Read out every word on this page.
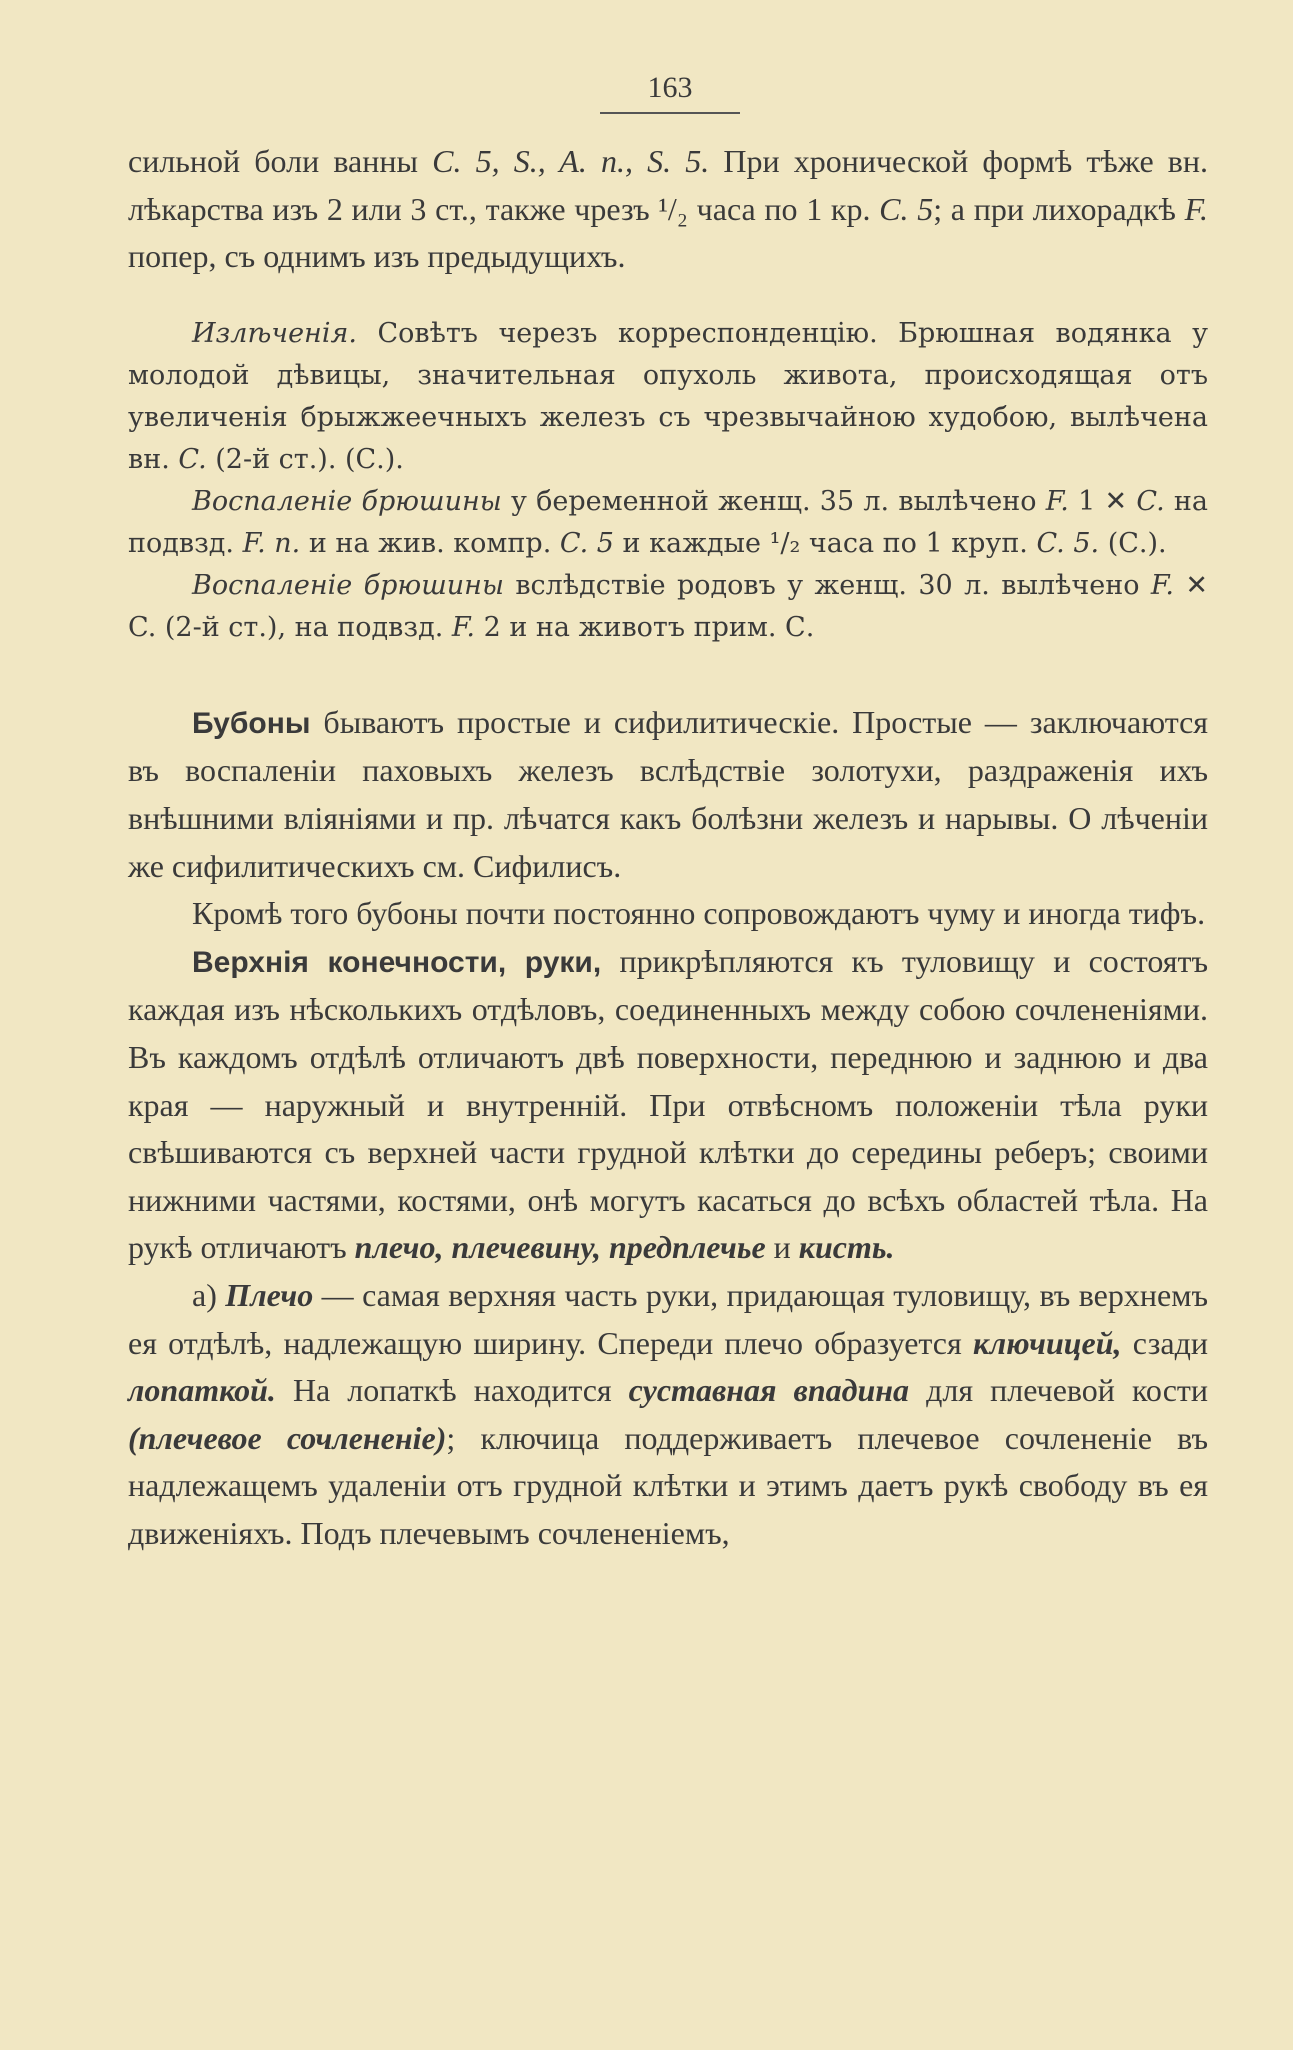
163

сильной боли ванны C. 5, S., A. n., S. 5. При хронической формѣ тѣже вн. лѣкарства изъ 2 или 3 ст., также чрезъ ¹/₂ часа по 1 кр. C. 5; а при лихорадкѣ F. попер, съ однимъ изъ предыдущихъ.

Излѣченія. Совѣтъ черезъ корреспонденцію. Брюшная водянка у молодой дѣвицы, значительная опухоль живота, происходящая отъ увеличенія брыжжеечныхъ железъ съ чрезвычайною худобою, вылѣчена вн. C. (2-й ст.). (С.).

Воспаленіе брюшины у беременной женщ. 35 л. вылѣчено F. 1 ✕ C. на подвзд. F. n. и на жив. компр. C. 5 и каждые ¹/₂ часа по 1 круп. C. 5. (С.).

Воспаленіе брюшины вслѣдствіе родовъ у женщ. 30 л. вылѣчено F. ✕ C. (2-й ст.), на подвзд. F. 2 и на животъ прим. С.

Бубоны бываютъ простые и сифилитическіе. Простые — заключаются въ воспаленіи паховыхъ железъ вслѣдствіе золотухи, раздраженія ихъ внѣшними вліяніями и пр. лѣчатся какъ болѣзни железъ и нарывы. О лѣченіи же сифилитическихъ см. Сифилисъ.

Кромѣ того бубоны почти постоянно сопровождаютъ чуму и иногда тифъ.

Верхнія конечности, руки, прикрѣпляются къ туловищу и состоятъ каждая изъ нѣсколькихъ отдѣловъ, соединенныхъ между собою сочлененіями. Въ каждомъ отдѣлѣ отличаютъ двѣ поверхности, переднюю и заднюю и два края — наружный и внутренній. При отвѣсномъ положеніи тѣла руки свѣшиваются съ верхней части грудной клѣтки до середины реберъ; своими нижними частями, костями, онѣ могутъ касаться до всѣхъ областей тѣла. На рукѣ отличаютъ плечо, плечевину, предплечье и кисть.

а) Плечо — самая верхняя часть руки, придающая туловищу, въ верхнемъ ея отдѣлѣ, надлежащую ширину. Спереди плечо образуется ключицей, сзади лопаткой. На лопаткѣ находится суставная впадина для плечевой кости (плечевое сочлененіе); ключица поддерживаетъ плечевое сочлененіе въ надлежащемъ удаленіи отъ грудной клѣтки и этимъ даетъ рукѣ свободу въ ея движеніяхъ. Подъ плечевымъ сочлененіемъ,
